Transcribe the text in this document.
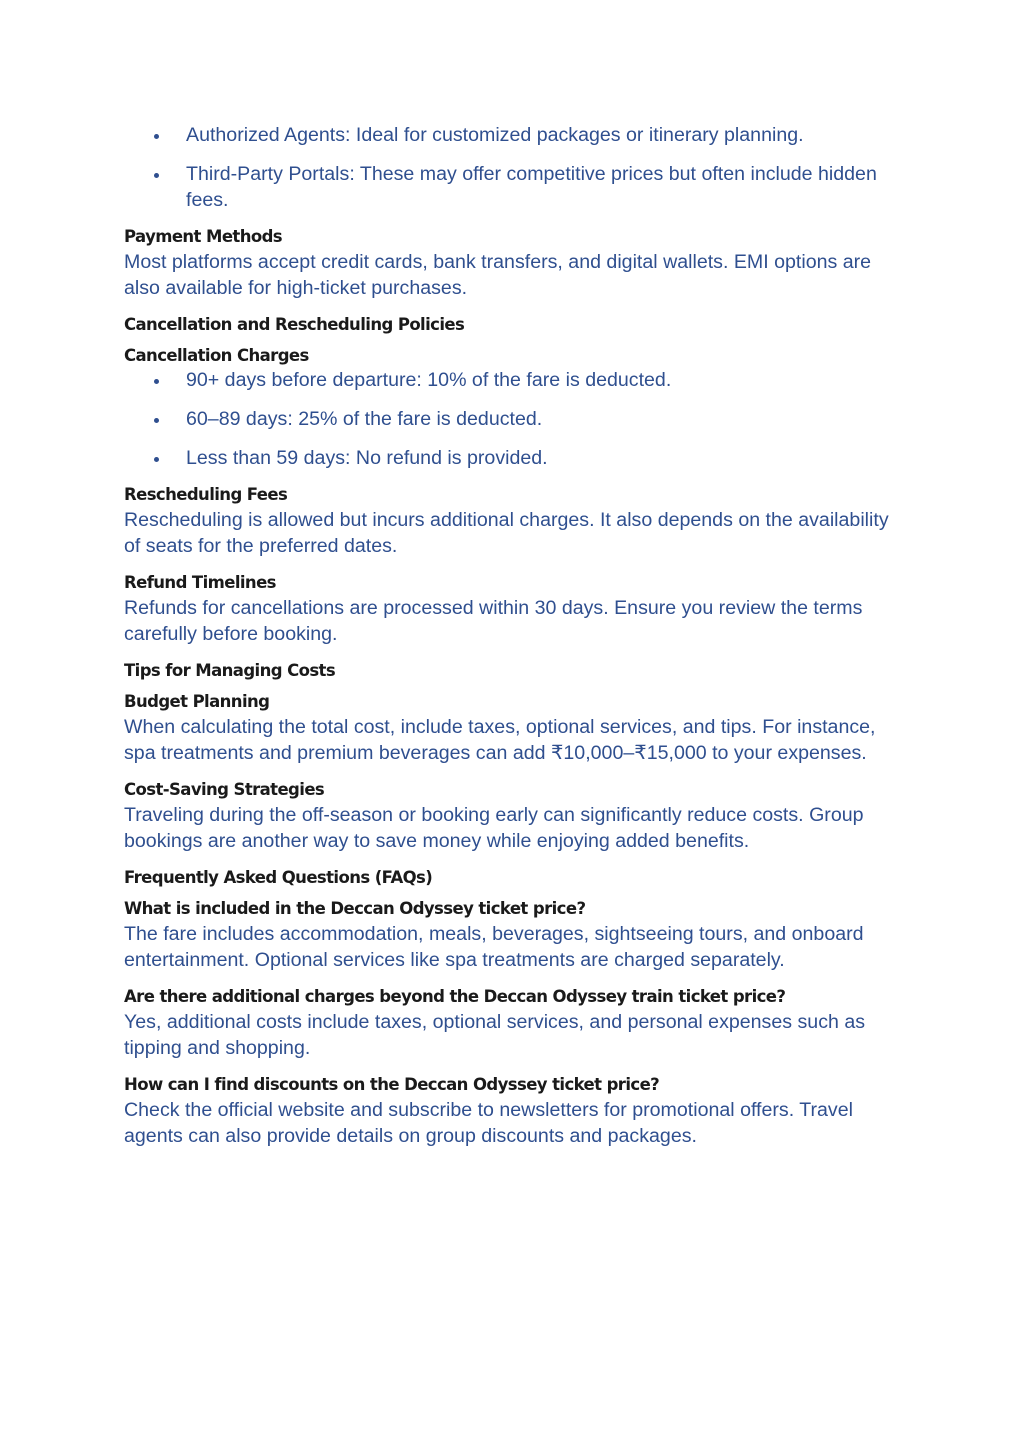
Authorized Agents: Ideal for customized packages or itinerary planning.
Third-Party Portals: These may offer competitive prices but often include hidden fees.
Payment Methods

Most platforms accept credit cards, bank transfers, and digital wallets. EMI options are also available for high-ticket purchases.

Cancellation and Rescheduling Policies
Cancellation Charges
90+ days before departure: 10% of the fare is deducted.
60–89 days: 25% of the fare is deducted.
Less than 59 days: No refund is provided.
Rescheduling Fees

Rescheduling is allowed but incurs additional charges. It also depends on the availability of seats for the preferred dates.

Refund Timelines

Refunds for cancellations are processed within 30 days. Ensure you review the terms carefully before booking.

Tips for Managing Costs
Budget Planning

When calculating the total cost, include taxes, optional services, and tips. For instance, spa treatments and premium beverages can add ₹10,000–₹15,000 to your expenses.

Cost-Saving Strategies

Traveling during the off-season or booking early can significantly reduce costs. Group bookings are another way to save money while enjoying added benefits.

Frequently Asked Questions (FAQs)
What is included in the Deccan Odyssey ticket price?

The fare includes accommodation, meals, beverages, sightseeing tours, and onboard entertainment. Optional services like spa treatments are charged separately.

Are there additional charges beyond the Deccan Odyssey train ticket price?

Yes, additional costs include taxes, optional services, and personal expenses such as tipping and shopping.

How can I find discounts on the Deccan Odyssey ticket price?

Check the official website and subscribe to newsletters for promotional offers. Travel agents can also provide details on group discounts and packages.
